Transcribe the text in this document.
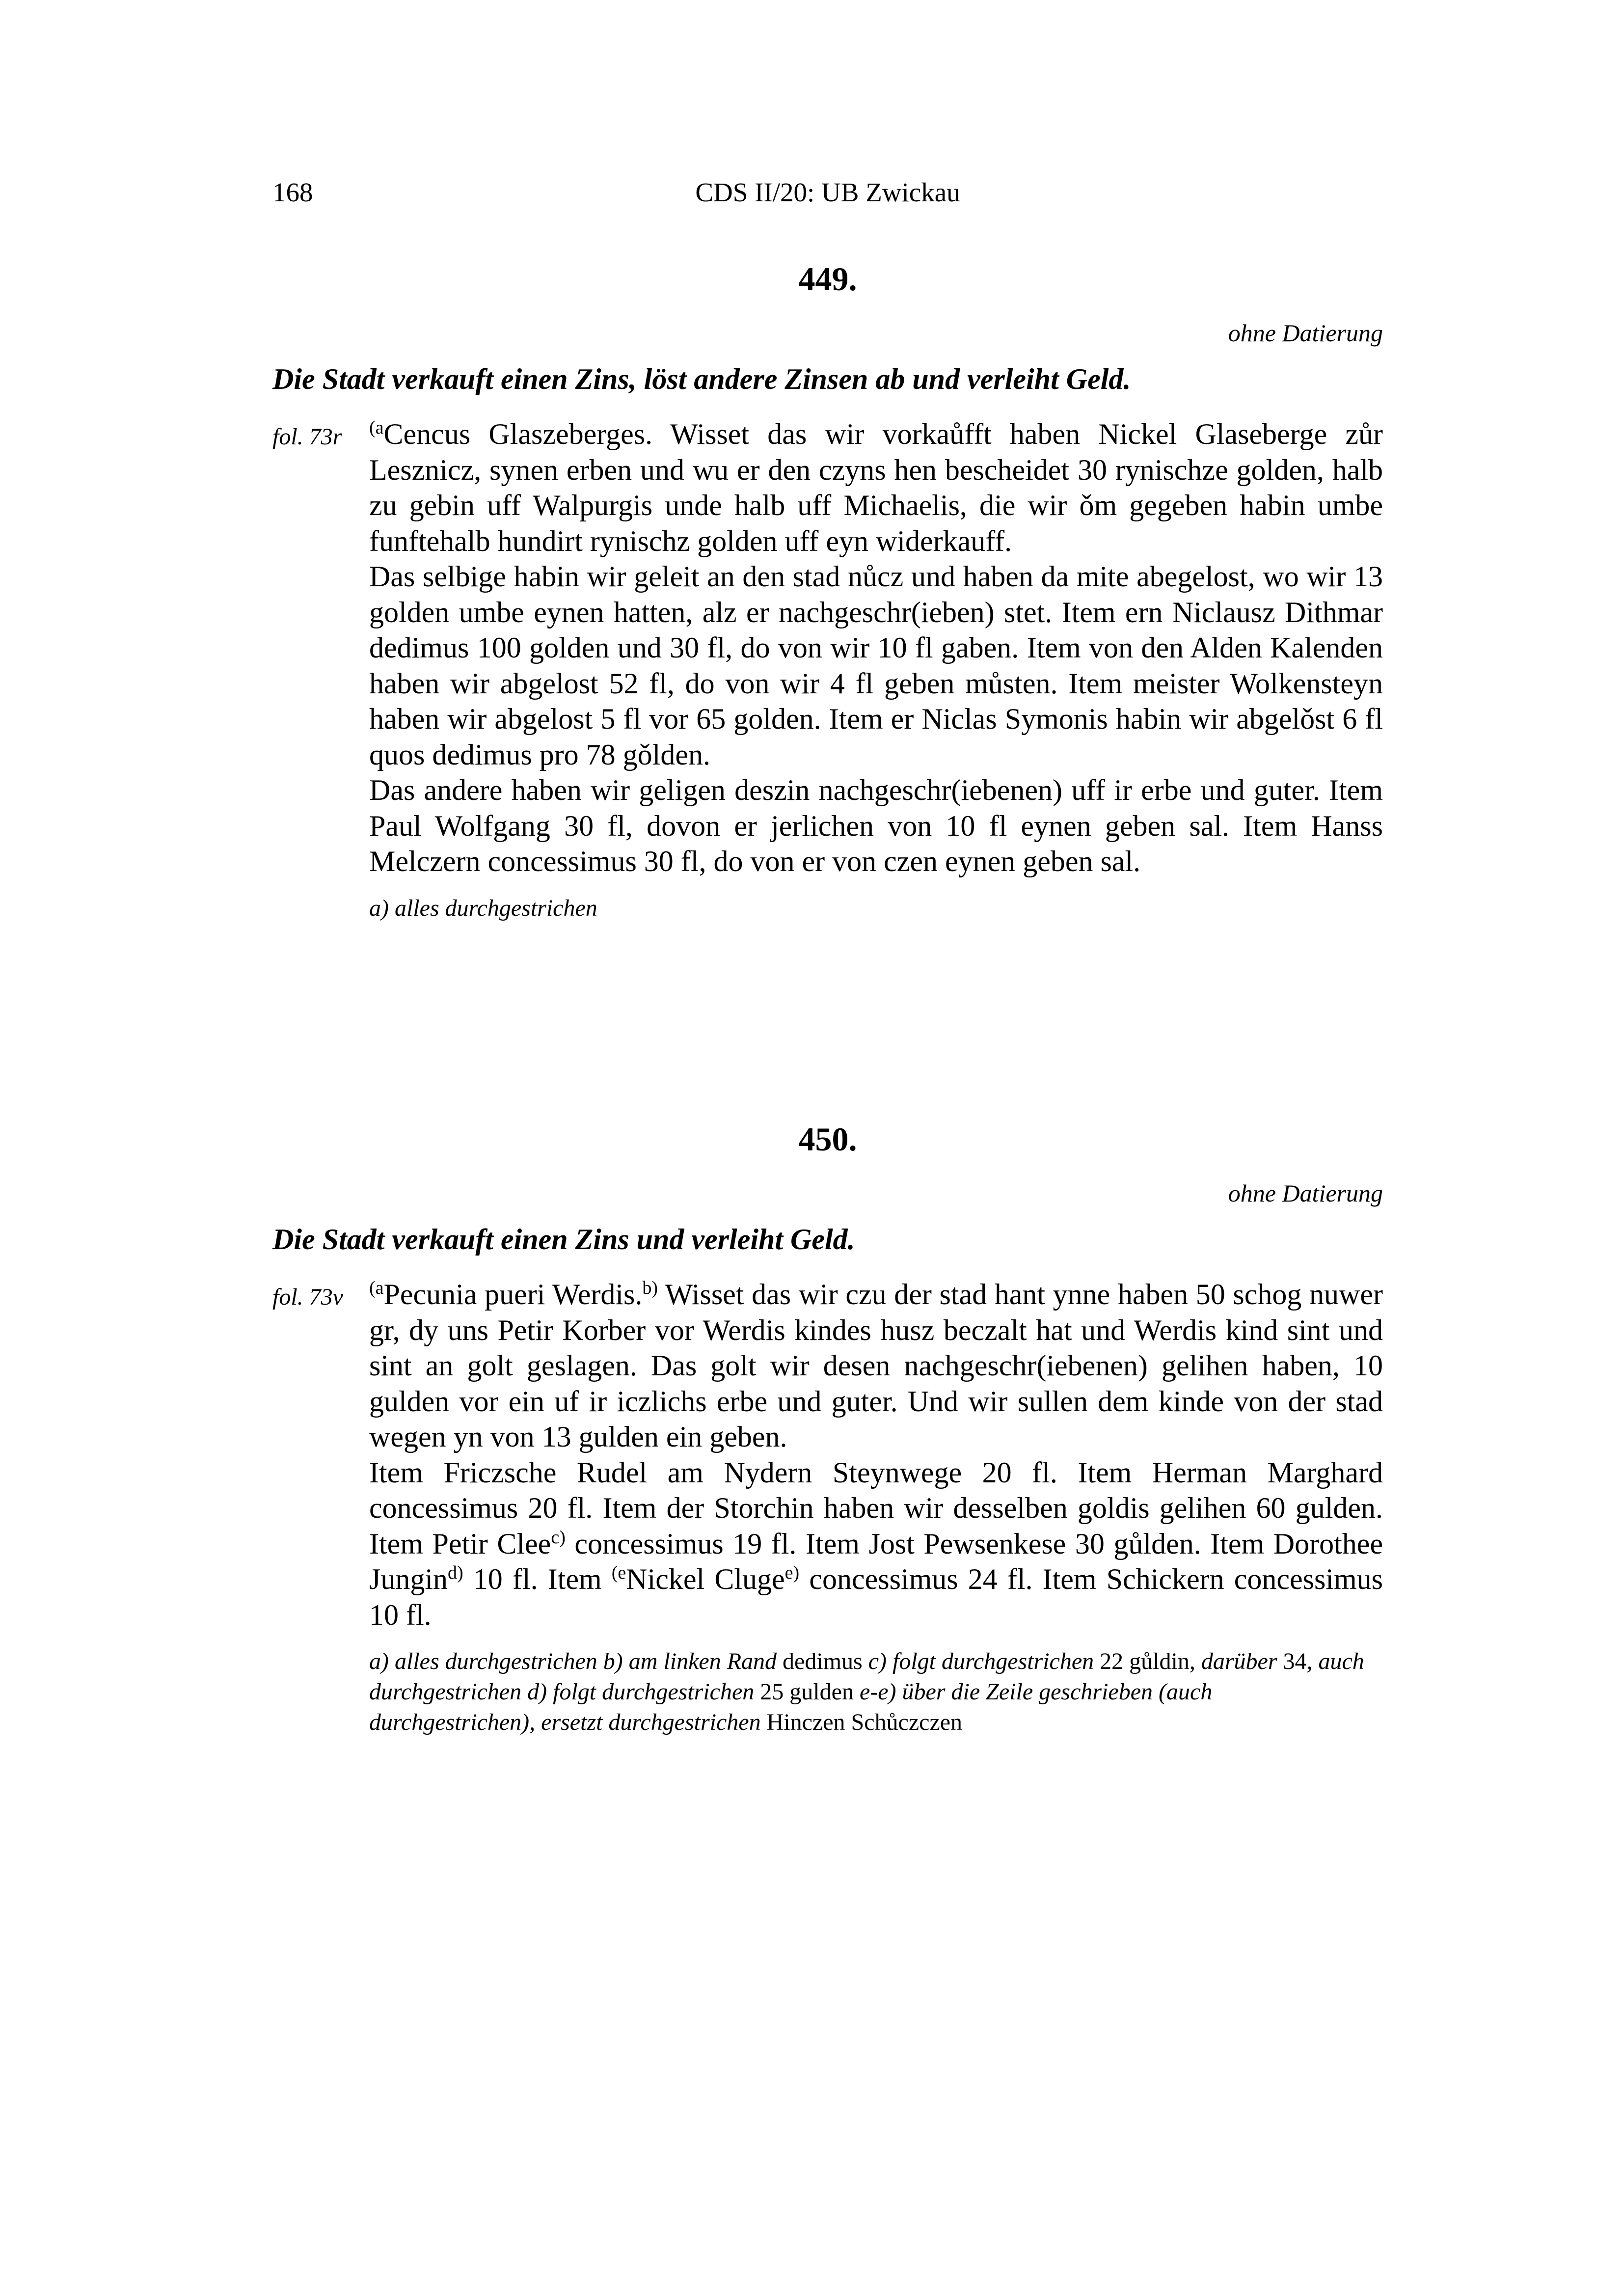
168	CDS II/20: UB Zwickau
449.
ohne Datierung
Die Stadt verkauft einen Zins, löst andere Zinsen ab und verleiht Geld.
fol. 73r $^{(a}$Cencus Glaszeberges. Wisset das wir vorkaůfft haben Nickel Glaseberge zůr Lesznicz, synen erben und wu er den czyns hen bescheidet 30 rynischze golden, halb zu gebin uff Walpurgis unde halb uff Michaelis, die wir ǒm gegeben habin umbe funftehalb hundirt rynischz golden uff eyn widerkauff.

Das selbige habin wir geleit an den stad nůcz und haben da mite abegelost, wo wir 13 golden umbe eynen hatten, alz er nachgeschr(ieben) stet. Item ern Niclausz Dithmar dedimus 100 golden und 30 fl, do von wir 10 fl gaben. Item von den Alden Kalenden haben wir abgelost 52 fl, do von wir 4 fl geben můsten. Item meister Wolkensteyn haben wir abgelost 5 fl vor 65 golden. Item er Niclas Symonis habin wir abgelǒst 6 fl quos dedimus pro 78 gǒlden.

Das andere haben wir geligen deszin nachgeschr(iebenen) uff ir erbe und guter. Item Paul Wolfgang 30 fl, dovon er jerlichen von 10 fl eynen geben sal. Item Hanss Melczern concessimus 30 fl, do von er von czen eynen geben sal.

a) alles durchgestrichen
450.
ohne Datierung
Die Stadt verkauft einen Zins und verleiht Geld.
fol. 73v $^{(a}$Pecunia pueri Werdis.$^{b)}$ Wisset das wir czu der stad hant ynne haben 50 schog nuwer gr, dy uns Petir Korber vor Werdis kindes husz beczalt hat und Werdis kind sint und sint an golt geslagen. Das golt wir desen nachgeschr(iebenen) gelihen haben, 10 gulden vor ein uf ir iczlichs erbe und guter. Und wir sullen dem kinde von der stad wegen yn von 13 gulden ein geben.

Item Friczsche Rudel am Nydern Steynwege 20 fl. Item Herman Marghard concessimus 20 fl. Item der Storchin haben wir desselben goldis gelihen 60 gulden. Item Petir Clee$^{c)}$ concessimus 19 fl. Item Jost Pewsenkese 30 gůlden. Item Dorothee Jungin$^{d)}$ 10 fl. Item $^{(e}$Nickel Cluge$^{e)}$ concessimus 24 fl. Item Schickern concessimus 10 fl.

a) alles durchgestrichen b) am linken Rand dedimus c) folgt durchgestrichen 22 gůldin, darüber 34, auch durchgestrichen d) folgt durchgestrichen 25 gulden e-e) über die Zeile geschrieben (auch durchgestrichen), ersetzt durchgestrichen Hinczen Schůczczen
